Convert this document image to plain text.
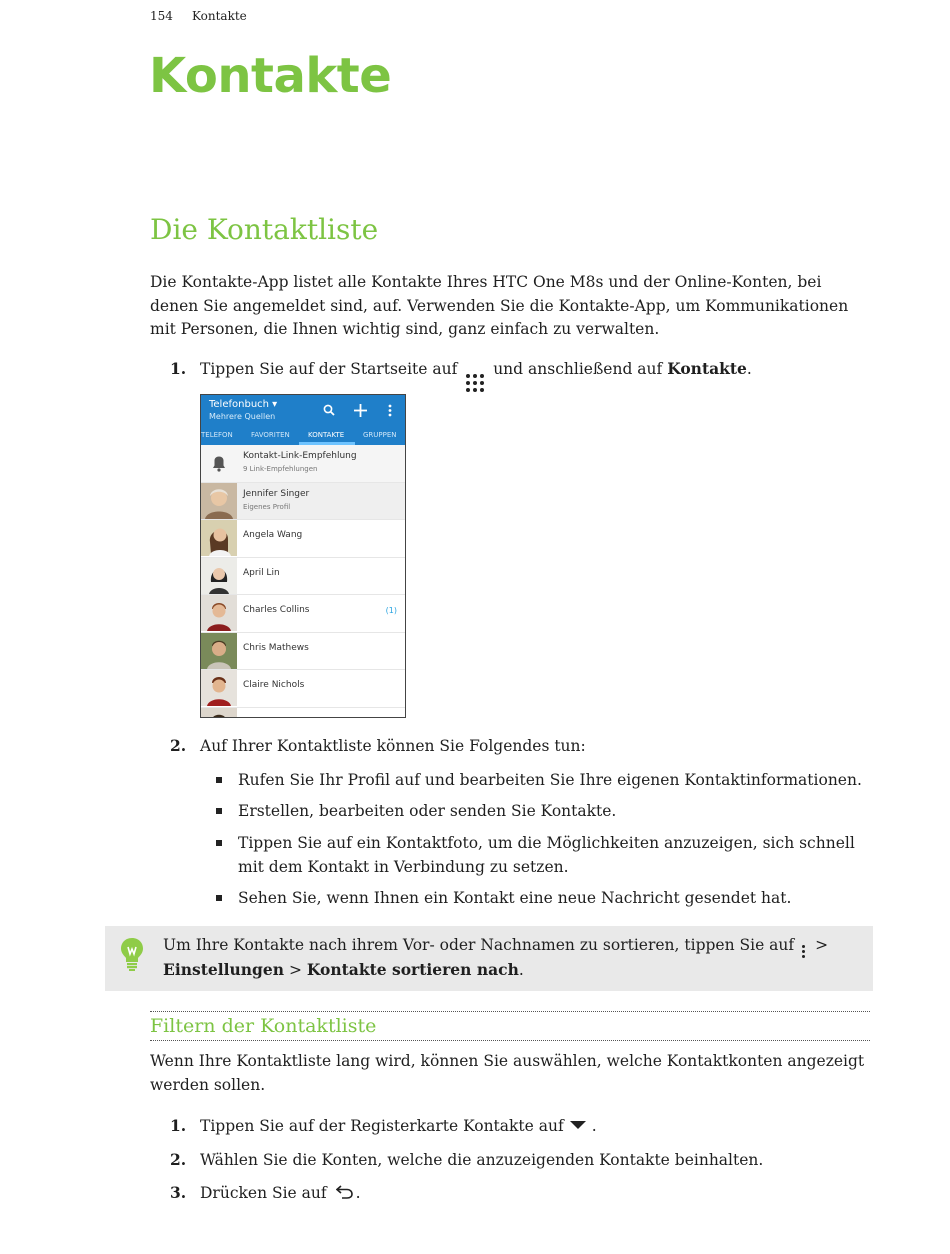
154 Kontakte
Kontakte
Die Kontaktliste

Die Kontakte-App listet alle Kontakte Ihres HTC One M8s und der Online-Konten, bei denen Sie angemeldet sind, auf. Verwenden Sie die Kontakte-App, um Kommunikationen mit Personen, die Ihnen wichtig sind, ganz einfach zu verwalten.

1. Tippen Sie auf der Startseite auf und anschließend auf Kontakte.
Telefonbuch ▾
Mehrere Quellen
TELEFON	FAVORITEN	KONTAKTE	GRUPPEN
Kontakt-Link-Empfehlung
9 Link-Empfehlungen
Jennifer Singer
Eigenes Profil
Angela Wang
April Lin
Charles Collins	(1)
Chris Mathews
Claire Nichols
2. Auf Ihrer Kontaktliste können Sie Folgendes tun:
Rufen Sie Ihr Profil auf und bearbeiten Sie Ihre eigenen Kontaktinformationen.
Erstellen, bearbeiten oder senden Sie Kontakte.
Tippen Sie auf ein Kontaktfoto, um die Möglichkeiten anzuzeigen, sich schnell mit dem Kontakt in Verbindung zu setzen.
Sehen Sie, wenn Ihnen ein Kontakt eine neue Nachricht gesendet hat.
Um Ihre Kontakte nach ihrem Vor- oder Nachnamen zu sortieren, tippen Sie auf >
Einstellungen > Kontakte sortieren nach.
Filtern der Kontaktliste

Wenn Ihre Kontaktliste lang wird, können Sie auswählen, welche Kontaktkonten angezeigt werden sollen.

1. Tippen Sie auf der Registerkarte Kontakte auf .
2. Wählen Sie die Konten, welche die anzuzeigenden Kontakte beinhalten.
3. Drücken Sie auf .
